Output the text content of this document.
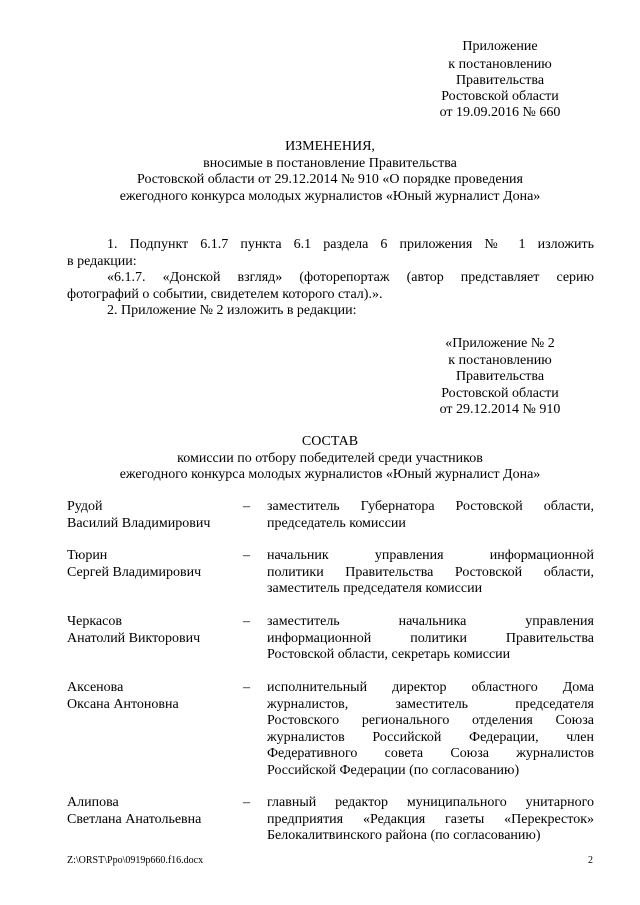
Приложение
к постановлению
Правительства
Ростовской области
от 19.09.2016 № 660
ИЗМЕНЕНИЯ,
вносимые в постановление Правительства
Ростовской области от 29.12.2014 № 910 «О порядке проведения
ежегодного конкурса молодых журналистов «Юный журналист Дона»
1. Подпункт 6.1.7 пункта 6.1 раздела 6 приложения № 1 изложить
в редакции:
«6.1.7. «Донской взгляд» (фоторепортаж (автор представляет серию
фотографий о событии, свидетелем которого стал).».
2. Приложение № 2 изложить в редакции:
«Приложение № 2
к постановлению
Правительства
Ростовской области
от 29.12.2014 № 910
СОСТАВ
комиссии по отбору победителей среди участников
ежегодного конкурса молодых журналистов «Юный журналист Дона»
Рудой
Василий Владимирович
– заместитель Губернатора Ростовской области,
председатель комиссии
Тюрин
Сергей Владимирович
– начальник управления информационной
политики Правительства Ростовской области,
заместитель председателя комиссии
Черкасов
Анатолий Викторович
– заместитель начальника управления
информационной политики Правительства
Ростовской области, секретарь комиссии
Аксенова
Оксана Антоновна
– исполнительный директор областного Дома
журналистов, заместитель председателя
Ростовского регионального отделения Союза
журналистов Российской Федерации, член
Федеративного совета Союза журналистов
Российской Федерации (по согласованию)
Алипова
Светлана Анатольевна
– главный редактор муниципального унитарного
предприятия «Редакция газеты «Перекресток»
Белокалитвинского района (по согласованию)
Z:\ORST\Ppo\0919p660.f16.docx	2
